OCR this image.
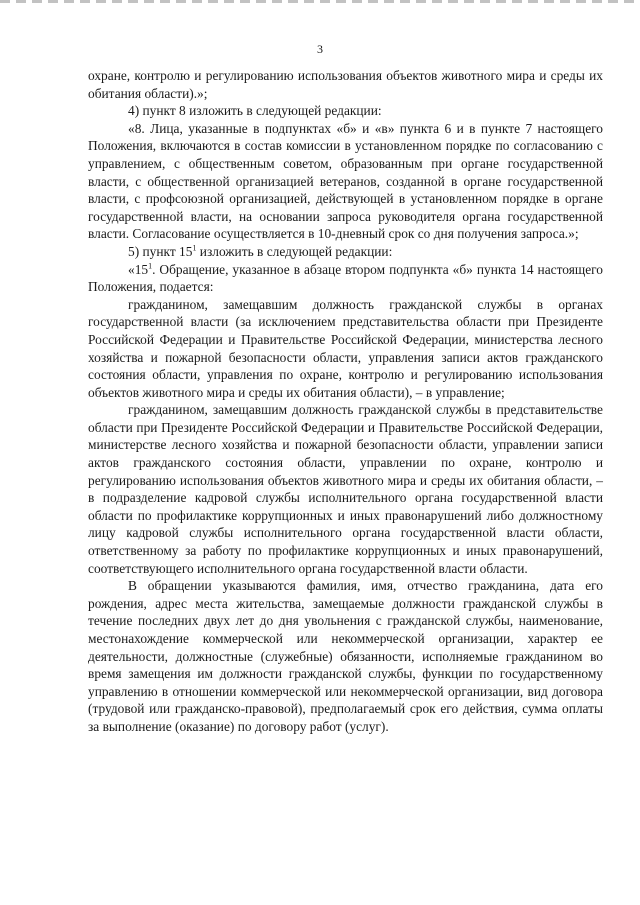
3

охране, контролю и регулированию использования объектов животного мира и среды их обитания области).»;

4) пункт 8 изложить в следующей редакции:

«8. Лица, указанные в подпунктах «б» и «в» пункта 6 и в пункте 7 настоящего Положения, включаются в состав комиссии в установленном порядке по согласованию с управлением, с общественным советом, образованным при органе государственной власти, с общественной организацией ветеранов, созданной в органе государственной власти, с профсоюзной организацией, действующей в установленном порядке в органе государственной власти, на основании запроса руководителя органа государственной власти. Согласование осуществляется в 10-дневный срок со дня получения запроса.»;

5) пункт $15^1$ изложить в следующей редакции:

«$15^1$. Обращение, указанное в абзаце втором подпункта «б» пункта 14 настоящего Положения, подается:

гражданином, замещавшим должность гражданской службы в органах государственной власти (за исключением представительства области при Президенте Российской Федерации и Правительстве Российской Федерации, министерства лесного хозяйства и пожарной безопасности области, управления записи актов гражданского состояния области, управления по охране, контролю и регулированию использования объектов животного мира и среды их обитания области), – в управление;

гражданином, замещавшим должность гражданской службы в представительстве области при Президенте Российской Федерации и Правительстве Российской Федерации, министерстве лесного хозяйства и пожарной безопасности области, управлении записи актов гражданского состояния области, управлении по охране, контролю и регулированию использования объектов животного мира и среды их обитания области, – в подразделение кадровой службы исполнительного органа государственной власти области по профилактике коррупционных и иных правонарушений либо должностному лицу кадровой службы исполнительного органа государственной власти области, ответственному за работу по профилактике коррупционных и иных правонарушений, соответствующего исполнительного органа государственной власти области.

В обращении указываются фамилия, имя, отчество гражданина, дата его рождения, адрес места жительства, замещаемые должности гражданской службы в течение последних двух лет до дня увольнения с гражданской службы, наименование, местонахождение коммерческой или некоммерческой организации, характер ее деятельности, должностные (служебные) обязанности, исполняемые гражданином во время замещения им должности гражданской службы, функции по государственному управлению в отношении коммерческой или некоммерческой организации, вид договора (трудовой или гражданско-правовой), предполагаемый срок его действия, сумма оплаты за выполнение (оказание) по договору работ (услуг).
